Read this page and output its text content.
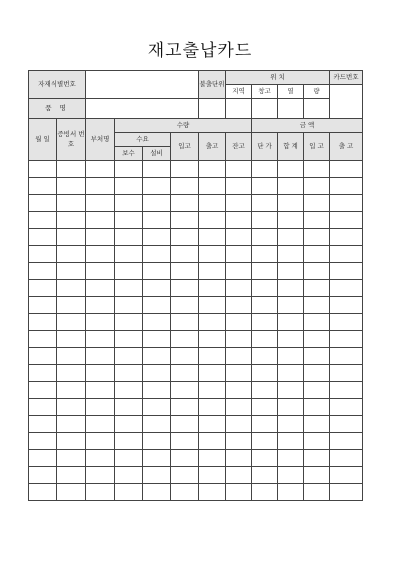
재고출납카드
자재식별번호						불출단위	위 치				카드번호
							지역	창고	열	량	
품 명											
월 일	증빙서 번호	부처명	수량					금 액			
			수요		입고	출고	잔고	단 가	합 계	입 고	출 고
			보수	설비							
